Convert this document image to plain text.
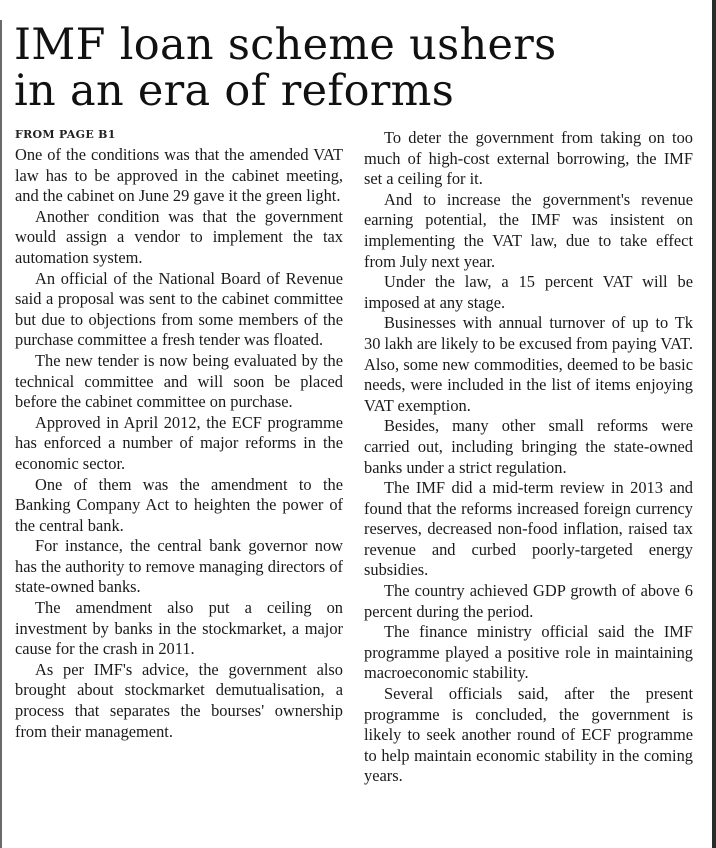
IMF loan scheme ushers
in an era of reforms
FROM PAGE B1

One of the conditions was that the amended VAT law has to be approved in the cabinet meeting, and the cabinet on June 29 gave it the green light.

Another condition was that the government would assign a vendor to implement the tax automation system.

An official of the National Board of Revenue said a proposal was sent to the cabinet committee but due to objections from some members of the purchase committee a fresh tender was floated.

The new tender is now being evaluated by the technical committee and will soon be placed before the cabinet committee on purchase.

Approved in April 2012, the ECF programme has enforced a number of major reforms in the economic sector.

One of them was the amendment to the Banking Company Act to heighten the power of the central bank.

For instance, the central bank governor now has the authority to remove managing directors of state-owned banks.

The amendment also put a ceiling on investment by banks in the stockmarket, a major cause for the crash in 2011.

As per IMF's advice, the government also brought about stockmarket demutualisation, a process that separates the bourses' ownership from their management.

To deter the government from taking on too much of high-cost external borrowing, the IMF set a ceiling for it.

And to increase the government's revenue earning potential, the IMF was insistent on implementing the VAT law, due to take effect from July next year.

Under the law, a 15 percent VAT will be imposed at any stage.

Businesses with annual turnover of up to Tk 30 lakh are likely to be excused from paying VAT. Also, some new commodities, deemed to be basic needs, were included in the list of items enjoying VAT exemption.

Besides, many other small reforms were carried out, including bringing the state-owned banks under a strict regulation.

The IMF did a mid-term review in 2013 and found that the reforms increased foreign currency reserves, decreased non-food inflation, raised tax revenue and curbed poorly-targeted energy subsidies.

The country achieved GDP growth of above 6 percent during the period.

The finance ministry official said the IMF programme played a positive role in maintaining macroeconomic stability.

Several officials said, after the present programme is concluded, the government is likely to seek another round of ECF programme to help maintain economic stability in the coming years.
